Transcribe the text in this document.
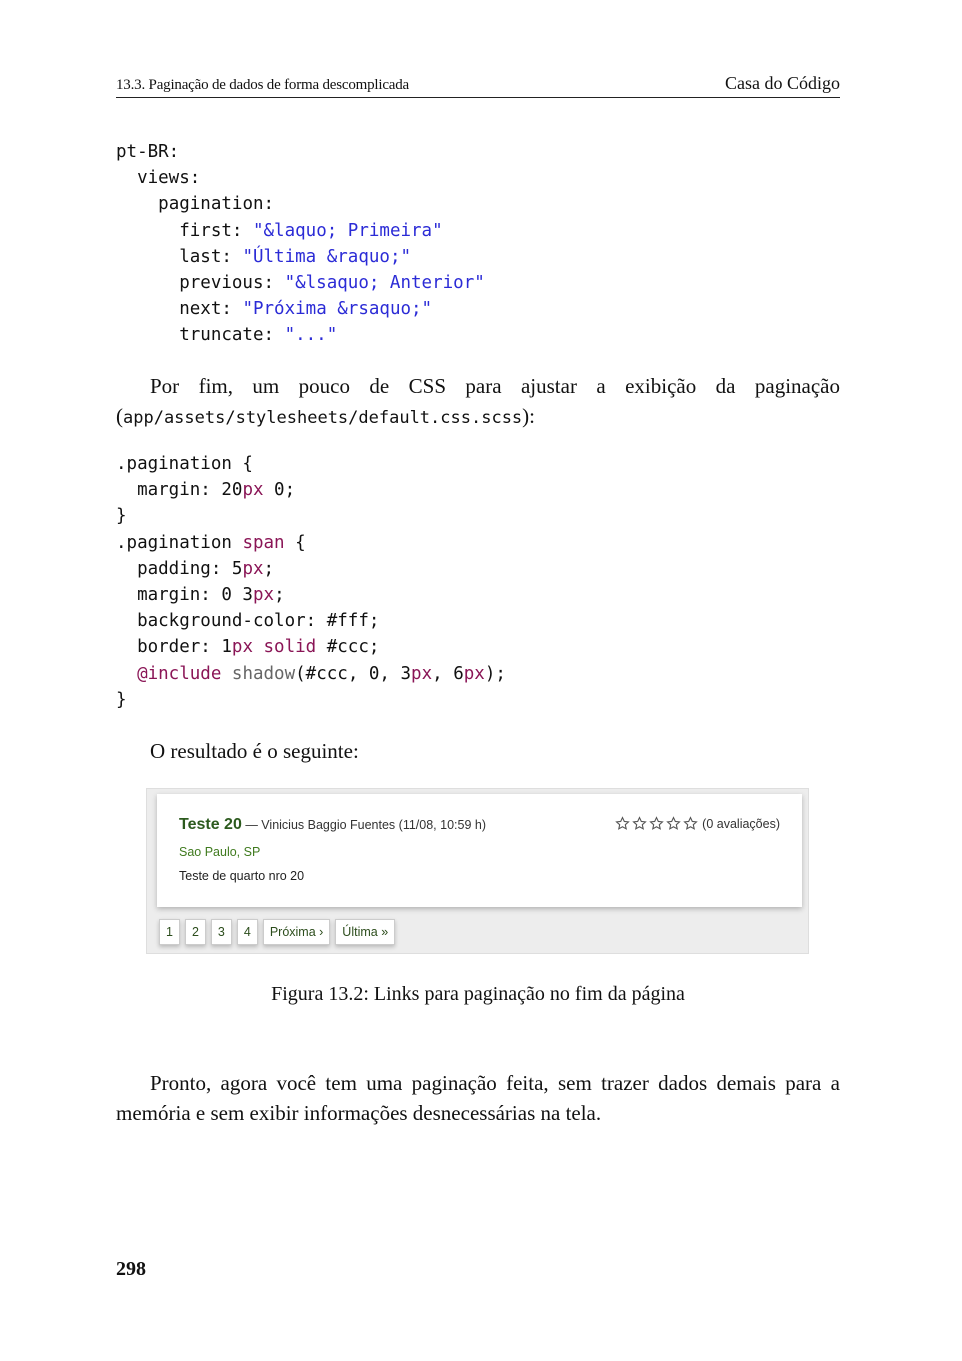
13.3. Paginação de dados de forma descomplicada	Casa do Código
pt-BR:
views:
pagination:
first: "&laquo; Primeira"
last: "Última &raquo;"
previous: "&lsaquo; Anterior"
next: "Próxima &rsaquo;"
truncate: "..."

Por fim, um pouco de CSS para ajustar a exibição da paginação (app/assets/stylesheets/default.css.scss):

.pagination {
margin: 20px 0;
}
.pagination span {
padding: 5px;
margin: 0 3px;
background-color: #fff;
border: 1px solid #ccc;
@include shadow(#ccc, 0, 3px, 6px);
}

O resultado é o seguinte:

Teste 20 — Vinicius Baggio Fuentes (11/08, 10:59 h)
Sao Paulo, SP
Teste de quarto nro 20
(0 avaliações)
1	2	3	4	Próxima ›	Última »
Figura 13.2: Links para paginação no fim da página

Pronto, agora você tem uma paginação feita, sem trazer dados demais para a memória e sem exibir informações desnecessárias na tela.

298
